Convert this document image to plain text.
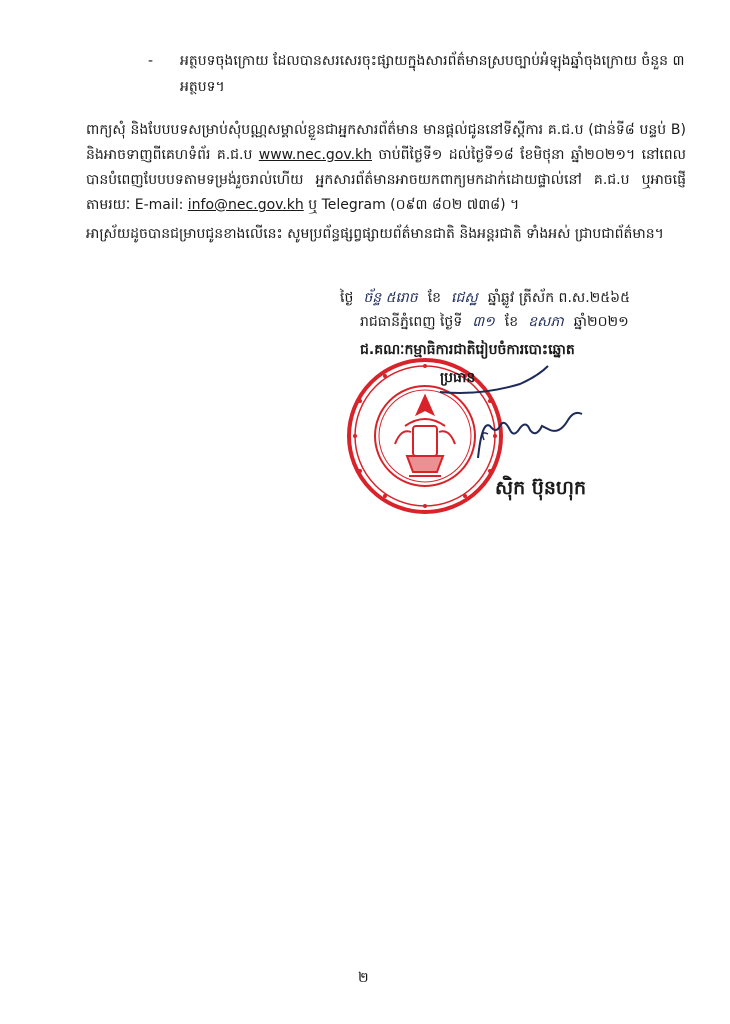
- អត្ថបទចុងក្រោយ ដែលបានសរសេរចុះផ្សាយក្នុងសារព័ត៌មានស្របច្បាប់អំឡុងឆ្នាំចុងក្រោយ ចំនួន ៣ អត្ថបទ។

ពាក្យសុំ និងបែបបទសម្រាប់សុំបណ្ណសម្គាល់ខ្លួនជាអ្នកសារព័ត៌មាន មានផ្តល់ជូននៅទីស្តីការ គ.ជ.ប (ជាន់ទី៨ បន្ទប់ B) និងអាចទាញពីគេហទំព័រ គ.ជ.ប www.nec.gov.kh ចាប់ពីថ្ងៃទី១ ដល់ថ្ងៃទី១៨ ខែមិថុនា ឆ្នាំ២០២១។ នៅពេលបានបំពេញបែបបទតាមទម្រង់រួចរាល់ហើយ អ្នកសារព័ត៌មានអាចយកពាក្យមកដាក់ដោយផ្ទាល់នៅ គ.ជ.ប ឬអាចផ្ញើតាមរយៈ E-mail: info@nec.gov.kh ឬ Telegram (០៩៣ ៨០២ ៧៣៨) ។

អាស្រ័យដូចបានជម្រាបជូនខាងលើនេះ សូមប្រព័ន្ធផ្សព្វផ្សាយព័ត៌មានជាតិ និងអន្តរជាតិ ទាំងអស់ ជ្រាបជាព័ត៌មាន។

ថ្ងៃ ច័ន្ទ ៥រោច ខែ ជេស្ឋ ឆ្នាំឆ្លូវ ត្រីស័ក ព.ស.២៥៦៥
រាជធានីភ្នំពេញ ថ្ងៃទី ៣១ ខែ ឧសភា ឆ្នាំ២០២១
ជ.គណៈកម្មាធិការជាតិរៀបចំការបោះឆ្នោត
ប្រធាន
ស៊ិក ប៊ុនហុក
២
